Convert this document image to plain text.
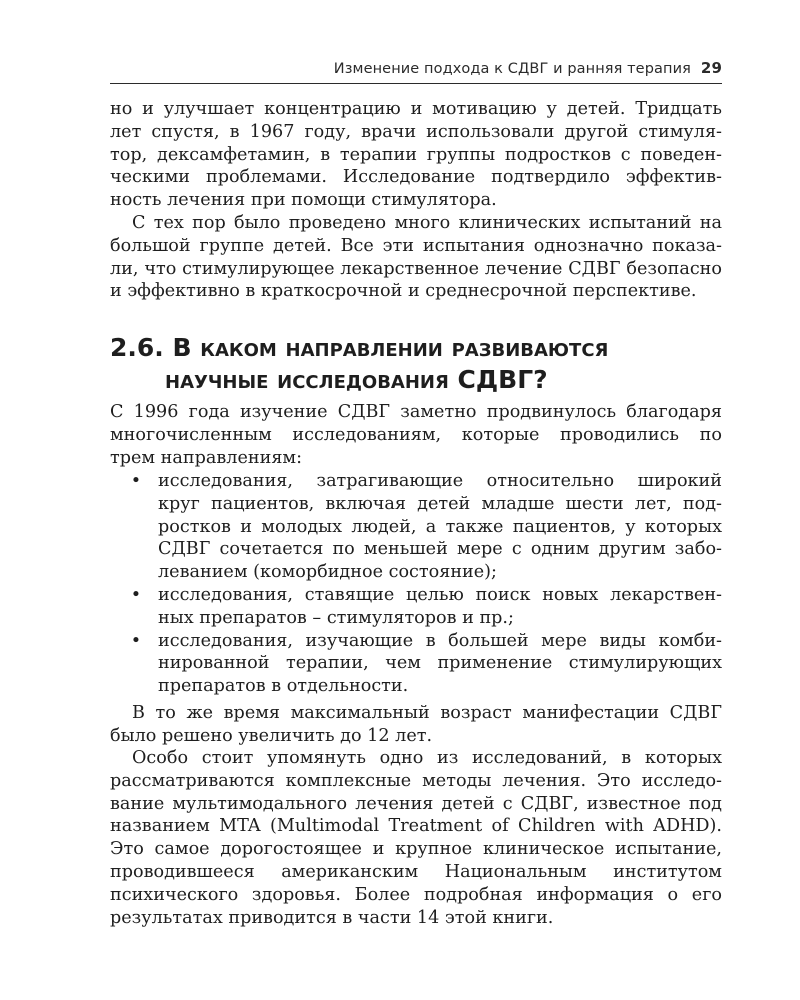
Изменение подхода к СДВГ и ранняя терапия 29
но и улучшает концентрацию и мотивацию у детей. Тридцать
лет спустя, в 1967 году, врачи использовали другой стимуля-
тор, дексамфетамин, в терапии группы подростков с поведен-
ческими проблемами. Исследование подтвердило эффектив-
ность лечения при помощи стимулятора.
С тех пор было проведено много клинических испытаний на
большой группе детей. Все эти испытания однозначно показа-
ли, что стимулирующее лекарственное лечение СДВГ безопасно
и эффективно в краткосрочной и среднесрочной перспективе.
2.6. В каком направлении развиваются
научные исследования СДВГ?
С 1996 года изучение СДВГ заметно продвинулось благодаря
многочисленным исследованиям, которые проводились по
трем направлениям:
• исследования, затрагивающие относительно широкий
круг пациентов, включая детей младше шести лет, под-
ростков и молодых людей, а также пациентов, у которых
СДВГ сочетается по меньшей мере с одним другим забо-
леванием (коморбидное состояние);
• исследования, ставящие целью поиск новых лекарствен-
ных препаратов – стимуляторов и пр.;
• исследования, изучающие в большей мере виды комби-
нированной терапии, чем применение стимулирующих
препаратов в отдельности.
В то же время максимальный возраст манифестации СДВГ
было решено увеличить до 12 лет.
Особо стоит упомянуть одно из исследований, в которых
рассматриваются комплексные методы лечения. Это исследо-
вание мультимодального лечения детей с СДВГ, известное под
названием MTA (Multimodal Treatment of Children with ADHD).
Это самое дорогостоящее и крупное клиническое испытание,
проводившееся американским Национальным институтом
психического здоровья. Более подробная информация о его
результатах приводится в части 14 этой книги.
